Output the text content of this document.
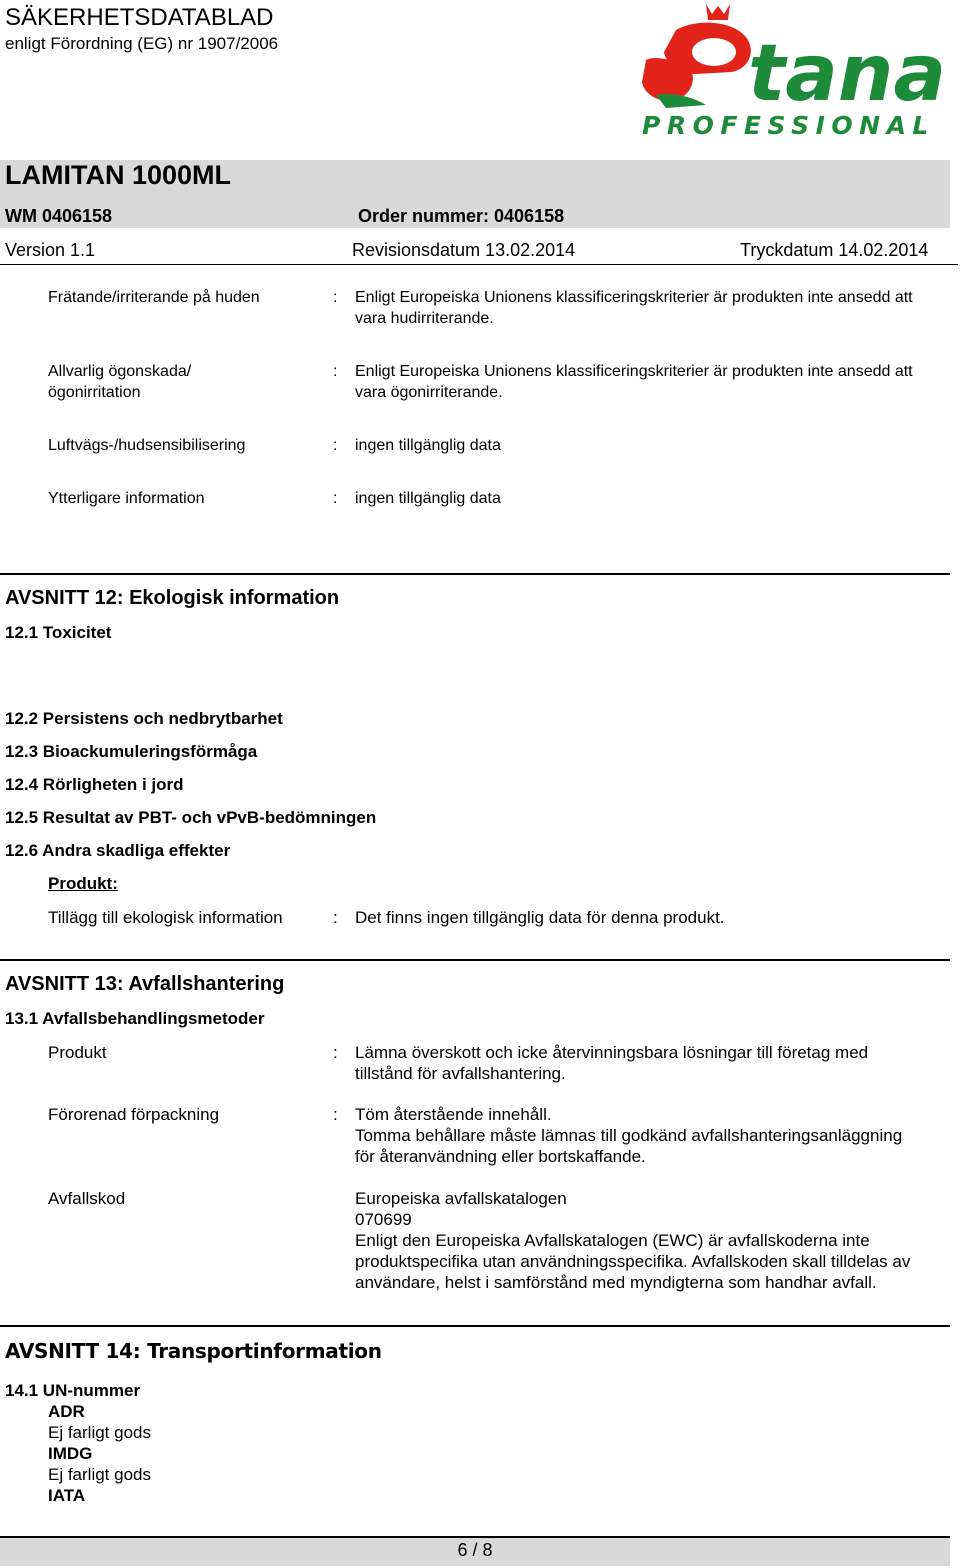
SÄKERHETSDATABLAD
enligt Förordning (EG) nr 1907/2006	tana
PROFESSIONAL
LAMITAN 1000ML
WM 0406158	Order nummer: 0406158
Version 1.1	Revisionsdatum 13.02.2014	Tryckdatum 14.02.2014
Frätande/irriterande på huden	: Enligt Europeiska Unionens klassificeringskriterier är produkten inte ansedd att vara hudirriterande.
Allvarlig ögonskada/ögonirritation
: Enligt Europeiska Unionens klassificeringskriterier är produkten inte ansedd att vara ögonirriterande.
Luftvägs-/hudsensibilisering	: ingen tillgänglig data
Ytterligare information	: ingen tillgänglig data
AVSNITT 12: Ekologisk information
12.1 Toxicitet
12.2 Persistens och nedbrytbarhet
12.3 Bioackumuleringsförmåga
12.4 Rörligheten i jord
12.5 Resultat av PBT- och vPvB-bedömningen
12.6 Andra skadliga effekter
Produkt:
Tillägg till ekologisk information	: Det finns ingen tillgänglig data för denna produkt.
AVSNITT 13: Avfallshantering
13.1 Avfallsbehandlingsmetoder
Produkt	: Lämna överskott och icke återvinningsbara lösningar till företag med tillstånd för avfallshantering.
Förorenad förpackning	: Töm återstående innehåll.
Tomma behållare måste lämnas till godkänd avfallshanteringsanläggning för återanvändning eller bortskaffande.
Avfallskod	Europeiska avfallskatalogen
070699
Enligt den Europeiska Avfallskatalogen (EWC) är avfallskoderna inte produktspecifika utan användningsspecifika. Avfallskoden skall tilldelas av användare, helst i samförstånd med myndigterna som handhar avfall.
AVSNITT 14: Transportinformation
14.1 UN-nummer
ADR
Ej farligt gods
IMDG
Ej farligt gods
IATA
6 / 8
